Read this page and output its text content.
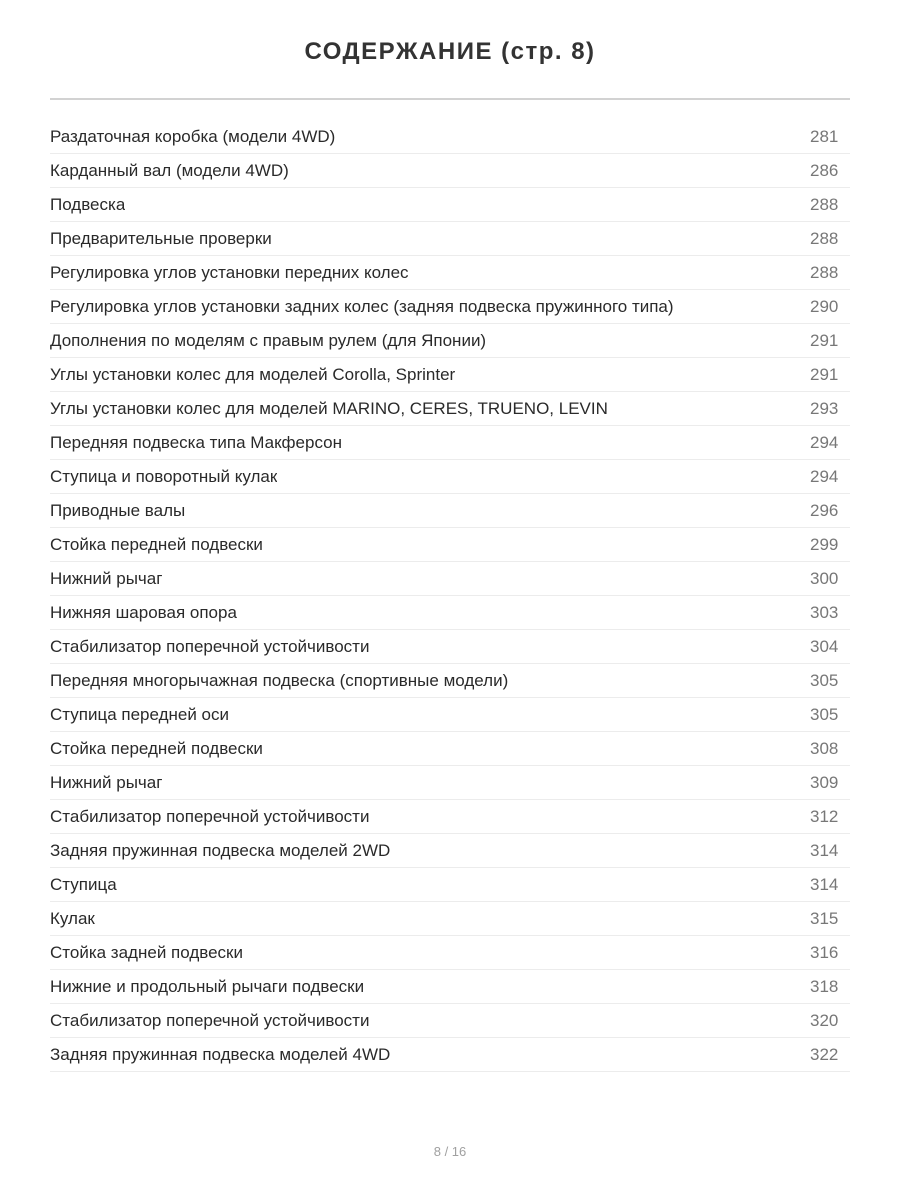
СОДЕРЖАНИЕ (стр. 8)
Раздаточная коробка (модели 4WD)	281
Карданный вал (модели 4WD)	286
Подвеска	288
Предварительные проверки	288
Регулировка углов установки передних колес	288
Регулировка углов установки задних колес (задняя подвеска пружинного типа)	290
Дополнения по моделям с правым рулем (для Японии)	291
Углы установки колес для моделей Corolla, Sprinter	291
Углы установки колес для моделей MARINO, CERES, TRUENO, LEVIN	293
Передняя подвеска типа Макферсон	294
Ступица и поворотный кулак	294
Приводные валы	296
Стойка передней подвески	299
Нижний рычаг	300
Нижняя шаровая опора	303
Стабилизатор поперечной устойчивости	304
Передняя многорычажная подвеска (спортивные модели)	305
Ступица передней оси	305
Стойка передней подвески	308
Нижний рычаг	309
Стабилизатор поперечной устойчивости	312
Задняя пружинная подвеска моделей 2WD	314
Ступица	314
Кулак	315
Стойка задней подвески	316
Нижние и продольный рычаги подвески	318
Стабилизатор поперечной устойчивости	320
Задняя пружинная подвеска моделей 4WD	322
8 / 16
